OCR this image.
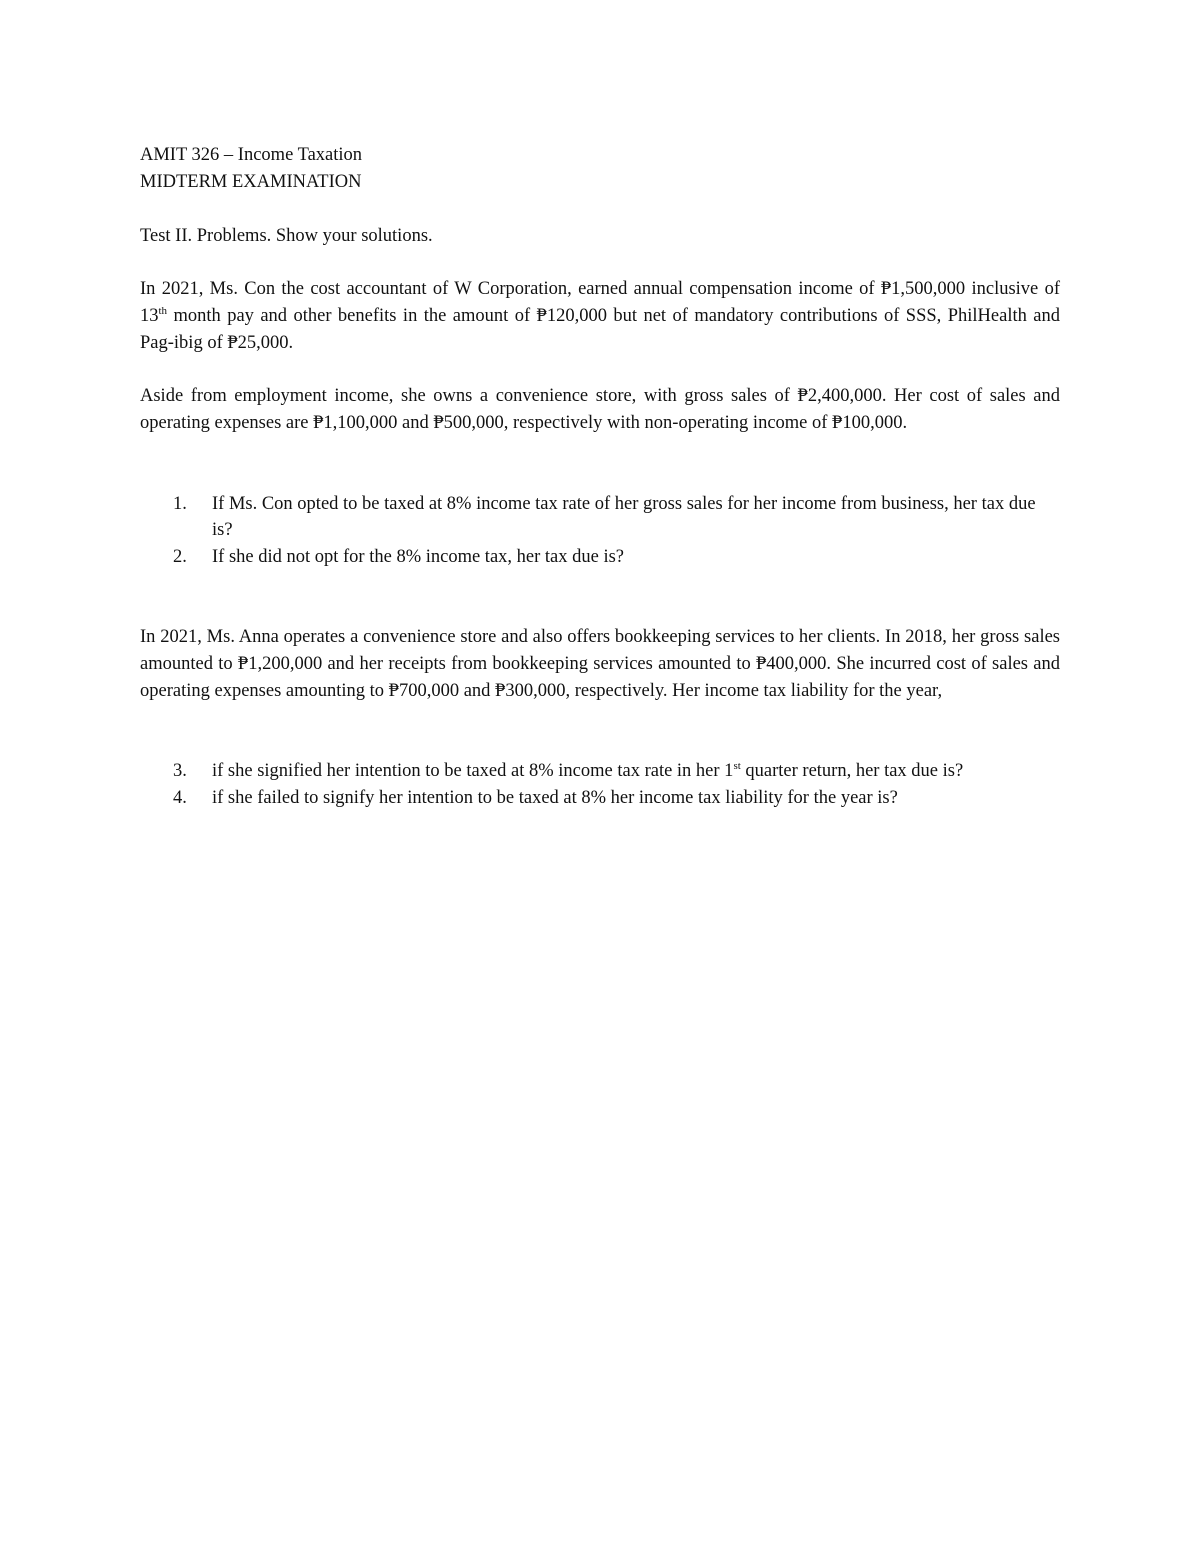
AMIT 326 – Income Taxation
MIDTERM EXAMINATION
Test II. Problems. Show your solutions.
In 2021, Ms. Con the cost accountant of W Corporation, earned annual compensation income of ₱1,500,000 inclusive of 13th month pay and other benefits in the amount of ₱120,000 but net of mandatory contributions of SSS, PhilHealth and Pag-ibig of ₱25,000.
Aside from employment income, she owns a convenience store, with gross sales of ₱2,400,000. Her cost of sales and operating expenses are ₱1,100,000 and ₱500,000, respectively with non-operating income of ₱100,000.
1. If Ms. Con opted to be taxed at 8% income tax rate of her gross sales for her income from business, her tax due is?
2. If she did not opt for the 8% income tax, her tax due is?
In 2021, Ms. Anna operates a convenience store and also offers bookkeeping services to her clients. In 2018, her gross sales amounted to ₱1,200,000 and her receipts from bookkeeping services amounted to ₱400,000. She incurred cost of sales and operating expenses amounting to ₱700,000 and ₱300,000, respectively. Her income tax liability for the year,
3. if she signified her intention to be taxed at 8% income tax rate in her 1st quarter return, her tax due is?
4. if she failed to signify her intention to be taxed at 8% her income tax liability for the year is?
